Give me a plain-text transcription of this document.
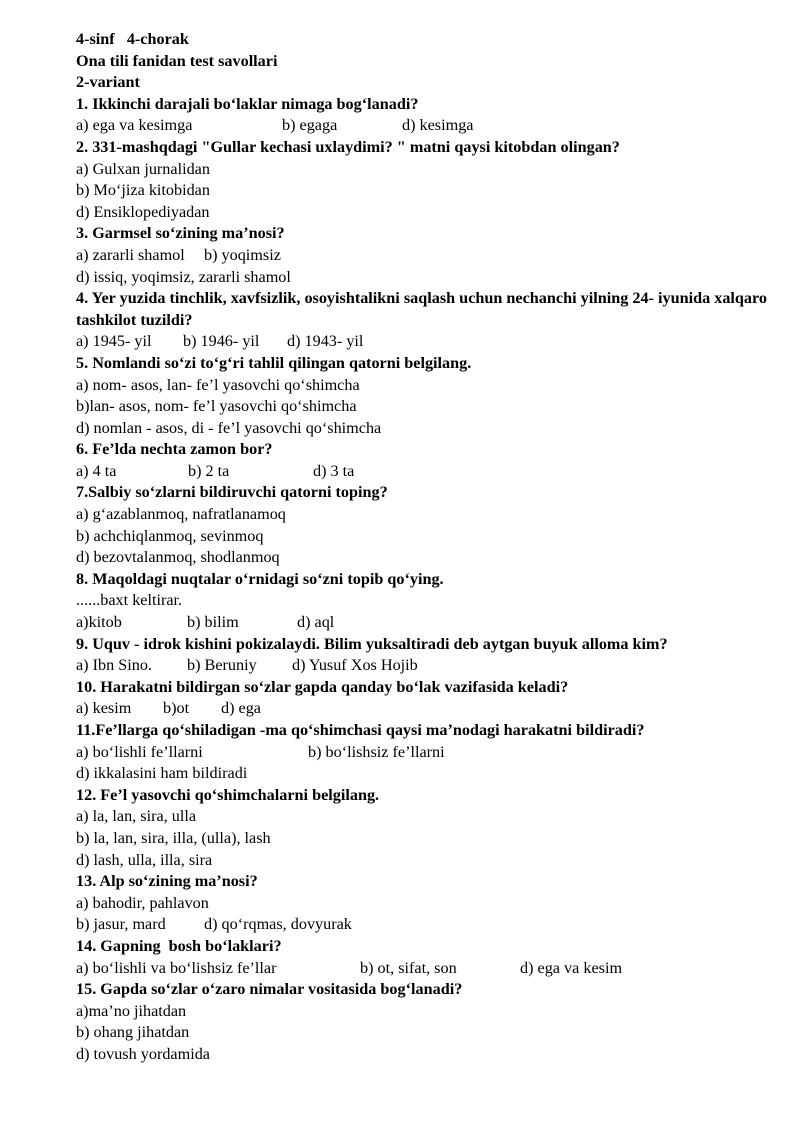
4-sinf   4-chorak
Ona tili fanidan test savollari
2-variant
1. Ikkinchi darajali bo‘laklar nimaga bog‘lanadi?
a) ega va kesimga	b) egaga	d) kesimga
2. 331-mashqdagi "Gullar kechasi uxlaydimi? " matni qaysi kitobdan olingan?
a) Gulxan jurnalidan
b) Mo‘jiza kitobidan
d) Ensiklopediyadan
3. Garmsel so‘zining ma’nosi?
a) zararli shamol b) yoqimsiz
d) issiq, yoqimsiz, zararli shamol
4. Yer yuzida tinchlik, xavfsizlik, osoyishtalikni saqlash uchun nechanchi yilning 24- iyunida xalqaro tashkilot tuzildi?
a) 1945- yil b) 1946- yil d) 1943- yil
5. Nomlandi so‘zi to‘g‘ri tahlil qilingan qatorni belgilang.
a) nom- asos, lan- fe’l yasovchi qo‘shimcha
b)lan- asos, nom- fe’l yasovchi qo‘shimcha
d) nomlan - asos, di - fe’l yasovchi qo‘shimcha
6. Fe’lda nechta zamon bor?
a) 4 ta	b) 2 ta	d) 3 ta
7.Salbiy so‘zlarni bildiruvchi qatorni toping?
a) g‘azablanmoq, nafratlanamoq
b) achchiqlanmoq, sevinmoq
d) bezovtalanmoq, shodlanmoq
8. Maqoldagi nuqtalar o‘rnidagi so‘zni topib qo‘ying.
......baxt keltirar.
a)kitob	b) bilim	d) aql
9. Uquv - idrok kishini pokizalaydi. Bilim yuksaltiradi deb aytgan buyuk alloma kim?
a) Ibn Sino. b) Beruniy d) Yusuf Xos Hojib
10. Harakatni bildirgan so‘zlar gapda qanday bo‘lak vazifasida keladi?
a) kesim b)ot d) ega
11.Fe’llarga qo‘shiladigan -ma qo‘shimchasi qaysi ma’nodagi harakatni bildiradi?
a) bo‘lishli fe’llarni	b) bo‘lishsiz fe’llarni
d) ikkalasini ham bildiradi
12. Fe’l yasovchi qo‘shimchalarni belgilang.
a) la, lan, sira, ulla
b) la, lan, sira, illa, (ulla), lash
d) lash, ulla, illa, sira
13. Alp so‘zining ma’nosi?
a) bahodir, pahlavon
b) jasur, mard d) qo‘rqmas, dovyurak
14. Gapning  bosh bo‘laklari?
a) bo‘lishli va bo‘lishsiz fe’llar	b) ot, sifat, son	d) ega va kesim
15. Gapda so‘zlar o‘zaro nimalar vositasida bog‘lanadi?
a)ma’no jihatdan
b) ohang jihatdan
d) tovush yordamida
